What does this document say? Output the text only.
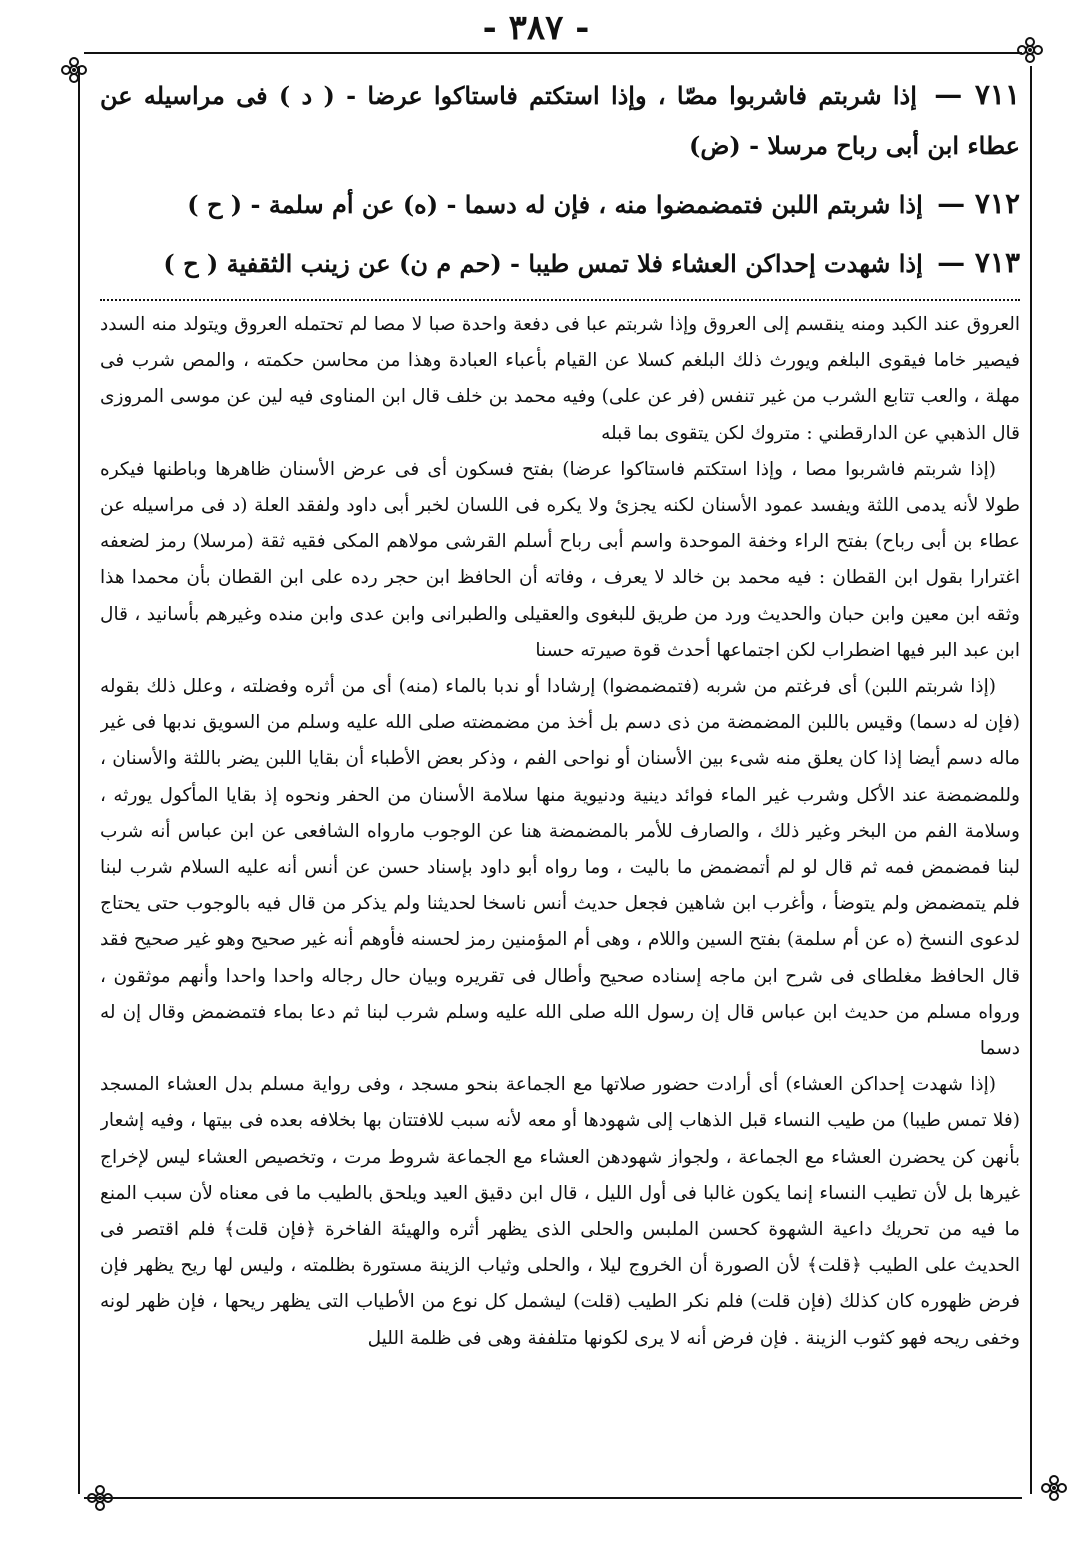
- ٣٨٧ -

٧١١ — إذا شربتم فاشربوا مصّا ، وإذا استكتم فاستاكوا عرضا - ( د ) فى مراسيله عن عطاء ابن أبى رباح مرسلا - (ض)

٧١٢ — إذا شربتم اللبن فتمضمضوا منه ، فإن له دسما - (ه) عن أم سلمة - ( ح )

٧١٣ — إذا شهدت إحداكن العشاء فلا تمس طيبا - (حم م ن) عن زينب الثقفية ( ح )

العروق عند الكبد ومنه ينقسم إلى العروق وإذا شربتم عبا فى دفعة واحدة صبا لا مصا لم تحتمله العروق ويتولد منه السدد فيصير خاما فيقوى البلغم ويورث ذلك البلغم كسلا عن القيام بأعباء العبادة وهذا من محاسن حكمته ، والمص شرب فى مهلة ، والعب تتابع الشرب من غير تنفس (فر عن على) وفيه محمد بن خلف قال ابن المناوى فيه لين عن موسى المروزى قال الذهبي عن الدارقطني : متروك لكن يتقوى بما قبله

(إذا شربتم فاشربوا مصا ، وإذا استكتم فاستاكوا عرضا) بفتح فسكون أى فى عرض الأسنان ظاهرها وباطنها فيكره طولا لأنه يدمى اللثة ويفسد عمود الأسنان لكنه يجزئ ولا يكره فى اللسان لخبر أبى داود ولفقد العلة (د فى مراسيله عن عطاء بن أبى رباح) بفتح الراء وخفة الموحدة واسم أبى رباح أسلم القرشى مولاهم المكى فقيه ثقة (مرسلا) رمز لضعفه اغترارا بقول ابن القطان : فيه محمد بن خالد لا يعرف ، وفاته أن الحافظ ابن حجر رده على ابن القطان بأن محمدا هذا وثقه ابن معين وابن حبان والحديث ورد من طريق للبغوى والعقيلى والطبرانى وابن عدى وابن منده وغيرهم بأسانيد ، قال ابن عبد البر فيها اضطراب لكن اجتماعها أحدث قوة صيرته حسنا

(إذا شربتم اللبن) أى فرغتم من شربه (فتمضمضوا) إرشادا أو ندبا بالماء (منه) أى من أثره وفضلته ، وعلل ذلك بقوله (فإن له دسما) وقيس باللبن المضمضة من ذى دسم بل أخذ من مضمضته صلى الله عليه وسلم من السويق ندبها فى غير ماله دسم أيضا إذا كان يعلق منه شىء بين الأسنان أو نواحى الفم ، وذكر بعض الأطباء أن بقايا اللبن يضر باللثة والأسنان ، وللمضمضة عند الأكل وشرب غير الماء فوائد دينية ودنيوية منها سلامة الأسنان من الحفر ونحوه إذ بقايا المأكول يورثه ، وسلامة الفم من البخر وغير ذلك ، والصارف للأمر بالمضمضة هنا عن الوجوب مارواه الشافعى عن ابن عباس أنه شرب لبنا فمضمض فمه ثم قال لو لم أتمضمض ما باليت ، وما رواه أبو داود بإسناد حسن عن أنس أنه عليه السلام شرب لبنا فلم يتمضمض ولم يتوضأ ، وأغرب ابن شاهين فجعل حديث أنس ناسخا لحديثنا ولم يذكر من قال فيه بالوجوب حتى يحتاج لدعوى النسخ (ه عن أم سلمة) بفتح السين واللام ، وهى أم المؤمنين رمز لحسنه فأوهم أنه غير صحيح وهو غير صحيح فقد قال الحافظ مغلطاى فى شرح ابن ماجه إسناده صحيح وأطال فى تقريره وبيان حال رجاله واحدا واحدا وأنهم موثقون ، ورواه مسلم من حديث ابن عباس قال إن رسول الله صلى الله عليه وسلم شرب لبنا ثم دعا بماء فتمضمض وقال إن له دسما

(إذا شهدت إحداكن العشاء) أى أرادت حضور صلاتها مع الجماعة بنحو مسجد ، وفى رواية مسلم بدل العشاء المسجد (فلا تمس طيبا) من طيب النساء قبل الذهاب إلى شهودها أو معه لأنه سبب للافتتان بها بخلافه بعده فى بيتها ، وفيه إشعار بأنهن كن يحضرن العشاء مع الجماعة ، ولجواز شهودهن العشاء مع الجماعة شروط مرت ، وتخصيص العشاء ليس لإخراج غيرها بل لأن تطيب النساء إنما يكون غالبا فى أول الليل ، قال ابن دقيق العيد ويلحق بالطيب ما فى معناه لأن سبب المنع ما فيه من تحريك داعية الشهوة كحسن الملبس والحلى الذى يظهر أثره والهيئة الفاخرة ﴿فإن قلت﴾ فلم اقتصر فى الحديث على الطيب ﴿قلت﴾ لأن الصورة أن الخروج ليلا ، والحلى وثياب الزينة مستورة بظلمته ، وليس لها ريح يظهر فإن فرض ظهوره كان كذلك (فإن قلت) فلم نكر الطيب (قلت) ليشمل كل نوع من الأطياب التى يظهر ريحها ، فإن ظهر لونه وخفى ريحه فهو كثوب الزينة . فإن فرض أنه لا يرى لكونها متلففة وهى فى ظلمة الليل
